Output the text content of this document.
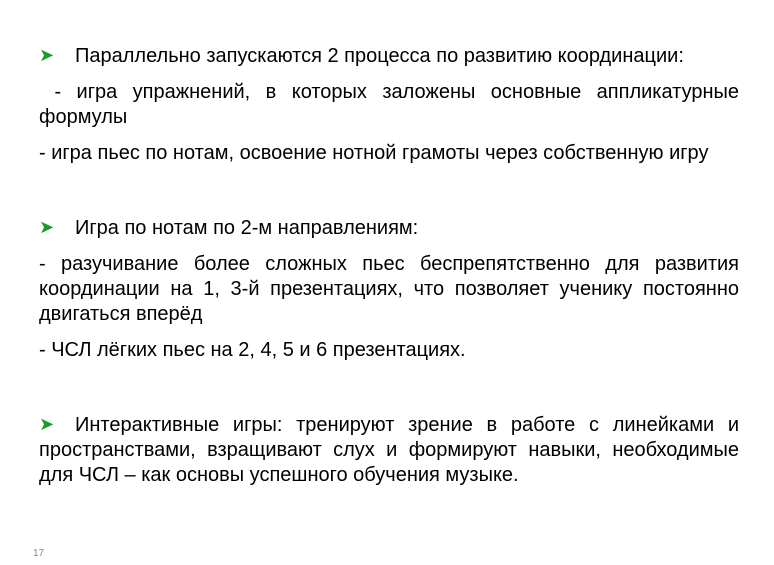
➤ Параллельно запускаются 2 процесса по развитию координации:

- игра упражнений, в которых заложены основные аппликатурные формулы

- игра пьес по нотам, освоение нотной грамоты через собственную игру

➤ Игра по нотам по 2-м направлениям:

- разучивание более сложных пьес беспрепятственно для развития координации на 1, 3-й презентациях, что позволяет ученику постоянно двигаться вперёд

- ЧСЛ лёгких пьес на 2, 4, 5 и 6 презентациях.

➤ Интерактивные игры: тренируют зрение в работе с линейками и пространствами, взращивают слух и формируют навыки, необходимые для ЧСЛ – как основы успешного обучения музыке.

17
